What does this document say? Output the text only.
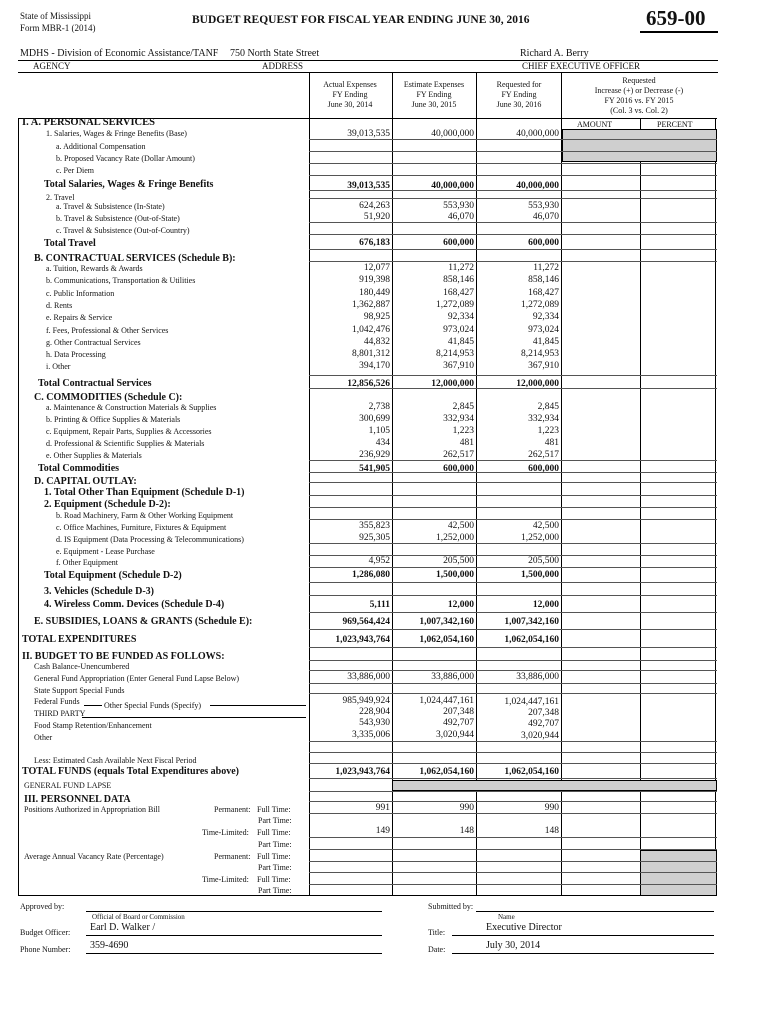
State of Mississippi
Form MBR-1 (2014)
BUDGET REQUEST FOR FISCAL YEAR ENDING JUNE 30, 2016	659-00
MDHS - Division of Economic Assistance/TANF 750 North State Street	Richard A. Berry
AGENCY	ADDRESS	CHIEF EXECUTIVE OFFICER
Actual Expenses
FY Ending
June 30, 2014
Estimate Expenses
FY Ending
June 30, 2015
Requested for
FY Ending
June 30, 2016
Requested
Increase (+) or Decrease (-)
FY 2016 vs. FY 2015
(Col. 3 vs. Col. 2)
AMOUNT	PERCENT
I. A. PERSONAL SERVICES
1. Salaries, Wages & Fringe Benefits (Base)	39,013,535	40,000,000	40,000,000
a. Additional Compensation
b. Proposed Vacancy Rate (Dollar Amount)
c. Per Diem
Total Salaries, Wages & Fringe Benefits	39,013,535	40,000,000	40,000,000
2. Travel
a. Travel & Subsistence (In-State)	624,263	553,930	553,930
b. Travel & Subsistence (Out-of-State)	51,920	46,070	46,070
c. Travel & Subsistence (Out-of-Country)
Total Travel	676,183	600,000	600,000
B. CONTRACTUAL SERVICES (Schedule B):
a. Tuition, Rewards & Awards	12,077	11,272	11,272
b. Communications, Transportation & Utilities	919,398	858,146	858,146
c. Public Information	180,449	168,427	168,427
d. Rents	1,362,887	1,272,089	1,272,089
e. Repairs & Service	98,925	92,334	92,334
f. Fees, Professional & Other Services	1,042,476	973,024	973,024
g. Other Contractual Services	44,832	41,845	41,845
h. Data Processing	8,801,312	8,214,953	8,214,953
i. Other	394,170	367,910	367,910
Total Contractual Services	12,856,526	12,000,000	12,000,000
C. COMMODITIES (Schedule C):
a. Maintenance & Construction Materials & Supplies	2,738	2,845	2,845
b. Printing & Office Supplies & Materials	300,699	332,934	332,934
c. Equipment, Repair Parts, Supplies & Accessories	1,105	1,223	1,223
d. Professional & Scientific Supplies & Materials	434	481	481
e. Other Supplies & Materials	236,929	262,517	262,517
Total Commodities	541,905	600,000	600,000
D. CAPITAL OUTLAY:
1. Total Other Than Equipment (Schedule D-1)
2. Equipment (Schedule D-2):
b. Road Machinery, Farm & Other Working Equipment
c. Office Machines, Furniture, Fixtures & Equipment	355,823	42,500	42,500
d. IS Equipment (Data Processing & Telecommunications)	925,305	1,252,000	1,252,000
e. Equipment - Lease Purchase
f. Other Equipment	4,952	205,500	205,500
Total Equipment (Schedule D-2)	1,286,080	1,500,000	1,500,000
3. Vehicles (Schedule D-3)
4. Wireless Comm. Devices (Schedule D-4)	5,111	12,000	12,000
E. SUBSIDIES, LOANS & GRANTS (Schedule E):	969,564,424	1,007,342,160	1,007,342,160
TOTAL EXPENDITURES	1,023,943,764	1,062,054,160	1,062,054,160
II. BUDGET TO BE FUNDED AS FOLLOWS:
Cash Balance-Unencumbered
General Fund Appropriation (Enter General Fund Lapse Below)	33,886,000	33,886,000	33,886,000
State Support Special Funds
Federal Funds	985,949,924	1,024,447,161	1,024,447,161
Other Special Funds (Specify)
THIRD PARTY	228,904	207,348	207,348
Food Stamp Retention/Enhancement	543,930	492,707	492,707
Other	3,335,006	3,020,944	3,020,944
Less: Estimated Cash Available Next Fiscal Period
TOTAL FUNDS (equals Total Expenditures above)	1,023,943,764	1,062,054,160	1,062,054,160
GENERAL FUND LAPSE
III. PERSONNEL DATA
Positions Authorized in Appropriation Bill	Permanent: Full Time:	991	990	990
Part Time:
Time-Limited: Full Time:	149	148	148
Part Time:
Average Annual Vacancy Rate (Percentage)	Permanent: Full Time:
Part Time:
Time-Limited: Full Time:
Part Time:
Approved by:
Official of Board or Commission
Budget Officer: Earl D. Walker /
Phone Number: 359-4690
Submitted by:
Name
Title:	Executive Director
Date:	July 30, 2014
